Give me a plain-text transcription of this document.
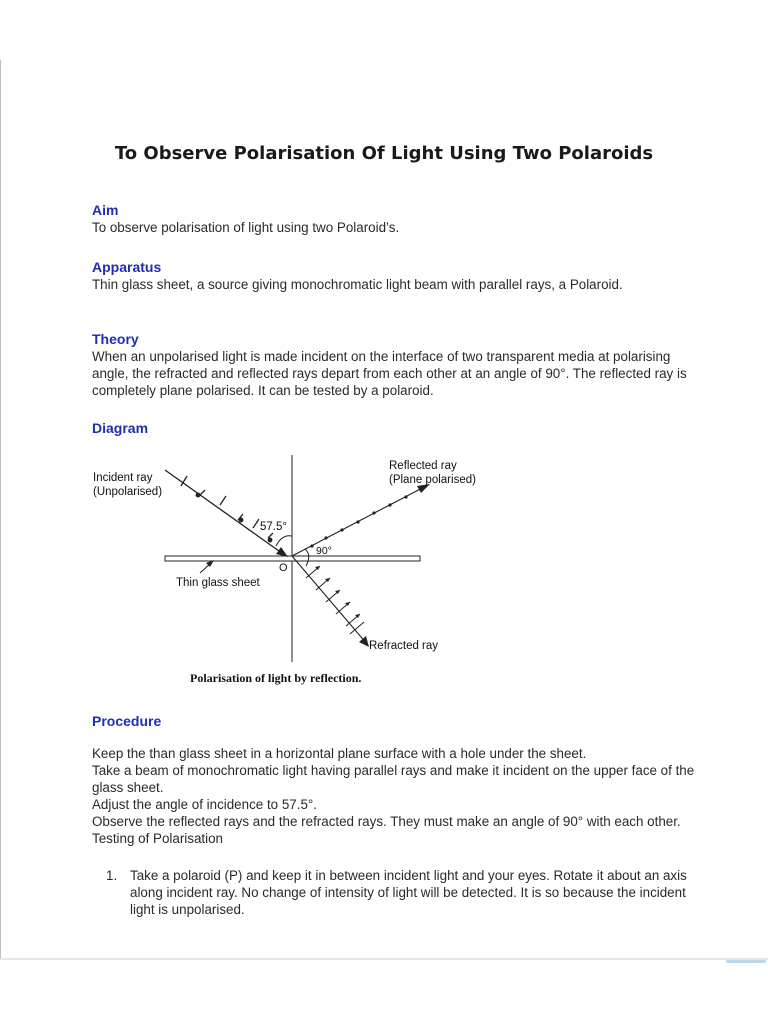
To Observe Polarisation Of Light Using Two Polaroids
Aim
To observe polarisation of light using two Polaroid’s.
Apparatus
Thin glass sheet, a source giving monochromatic light beam with parallel rays, a Polaroid.
Theory
When an unpolarised light is made incident on the interface of two transparent media at polarising angle, the refracted and reflected rays depart from each other at an angle of 90°. The reflected ray is completely plane polarised. It can be tested by a polaroid.
Diagram
Incident ray
(Unpolarised)
Reflected ray
(Plane polarised)
57.5°
90°
O
Thin glass sheet
Refracted ray
Polarisation of light by reflection.
Procedure
Keep the than glass sheet in a horizontal plane surface with a hole under the sheet.
Take a beam of monochromatic light having parallel rays and make it incident on the upper face of the glass sheet.
Adjust the angle of incidence to 57.5°.
Observe the reflected rays and the refracted rays. They must make an angle of 90° with each other. Testing of Polarisation
1. Take a polaroid (P) and keep it in between incident light and your eyes. Rotate it about an axis along incident ray. No change of intensity of light will be detected. It is so because the incident light is unpolarised.
